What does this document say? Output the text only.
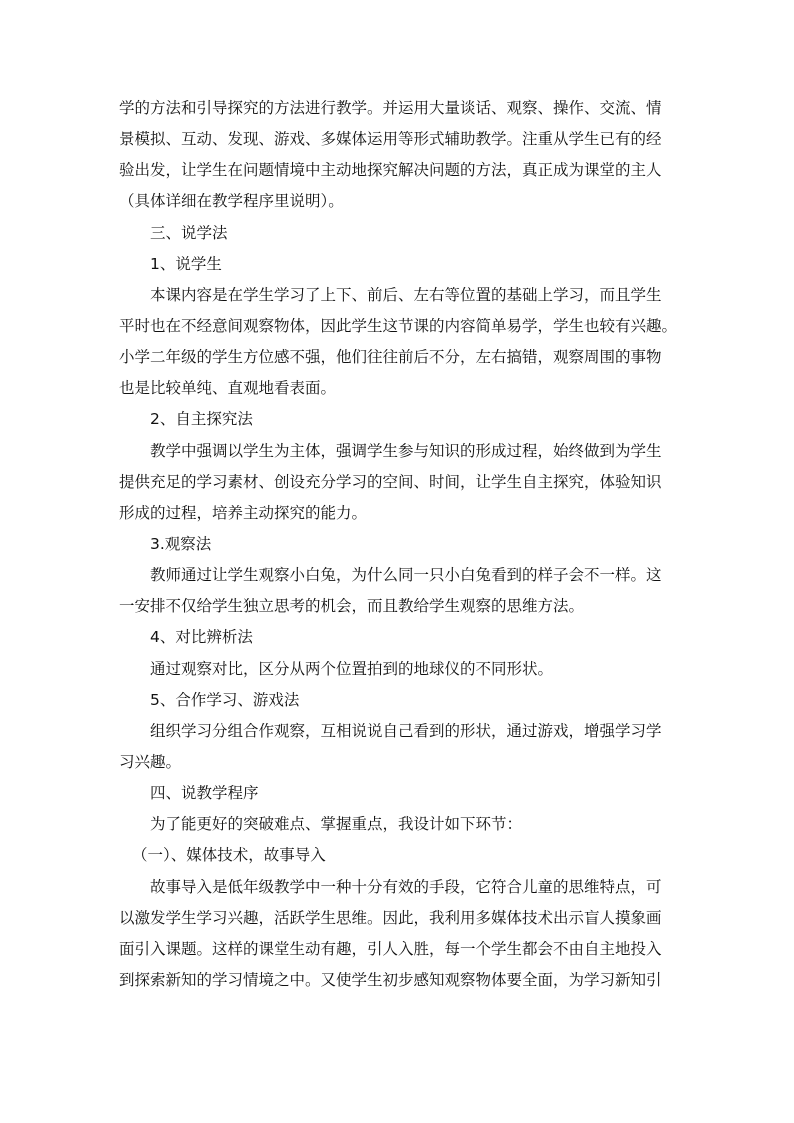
学的方法和引导探究的方法进行教学。并运用大量谈话、观察、操作、交流、情
景模拟、互动、发现、游戏、多媒体运用等形式辅助教学。注重从学生已有的经
验出发，让学生在问题情境中主动地探究解决问题的方法，真正成为课堂的主人
（具体详细在教学程序里说明）。
三、说学法
1、说学生
本课内容是在学生学习了上下、前后、左右等位置的基础上学习，而且学生
平时也在不经意间观察物体，因此学生这节课的内容简单易学，学生也较有兴趣。
小学二年级的学生方位感不强，他们往往前后不分，左右搞错，观察周围的事物
也是比较单纯、直观地看表面。
2、自主探究法
教学中强调以学生为主体，强调学生参与知识的形成过程，始终做到为学生
提供充足的学习素材、创设充分学习的空间、时间，让学生自主探究，体验知识
形成的过程，培养主动探究的能力。
3.观察法
教师通过让学生观察小白兔，为什么同一只小白兔看到的样子会不一样。这
一安排不仅给学生独立思考的机会，而且教给学生观察的思维方法。
4、对比辨析法
通过观察对比，区分从两个位置拍到的地球仪的不同形状。
5、合作学习、游戏法
组织学习分组合作观察，互相说说自己看到的形状，通过游戏，增强学习学
习兴趣。
四、说教学程序
为了能更好的突破难点、掌握重点，我设计如下环节：
（一）、媒体技术，故事导入
故事导入是低年级教学中一种十分有效的手段，它符合儿童的思维特点，可
以激发学生学习兴趣，活跃学生思维。因此，我利用多媒体技术出示盲人摸象画
面引入课题。这样的课堂生动有趣，引人入胜，每一个学生都会不由自主地投入
到探索新知的学习情境之中。又使学生初步感知观察物体要全面，为学习新知引
